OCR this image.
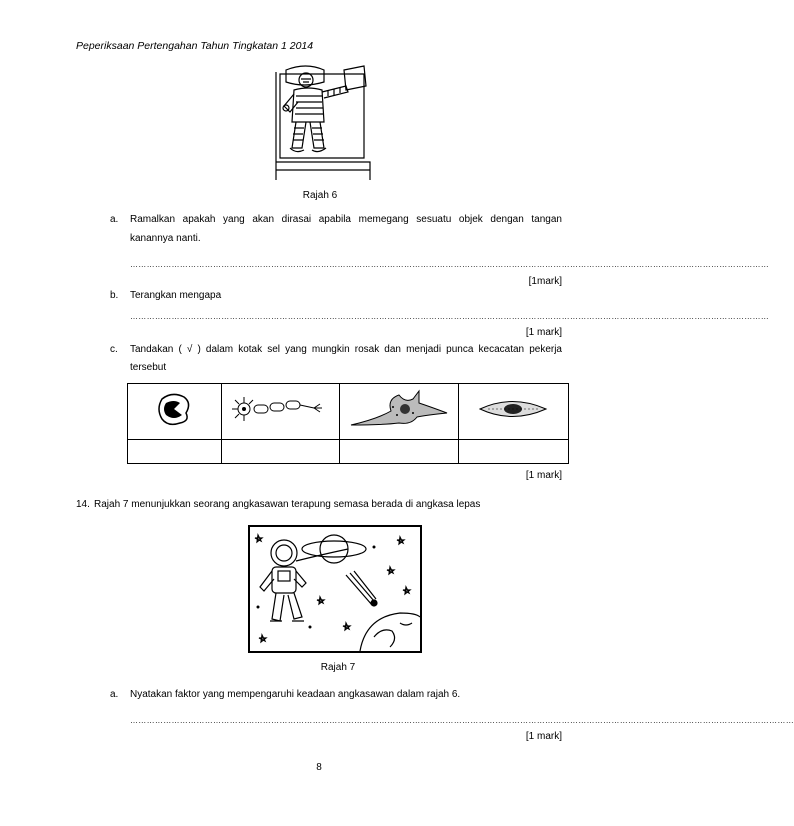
Peperiksaan Pertengahan Tahun Tingkatan 1 2014
Rajah 6
a. Ramalkan apakah yang akan dirasai apabila memegang sesuatu objek dengan tangan
kanannya nanti.
……………………………………………………………………………………………………………………………………………………………………………………………………………
[1mark]
b. Terangkan mengapa
……………………………………………………………………………………………………………………………………………………………………………………………………………
[1 mark]
c. Tandakan ( √ ) dalam kotak sel yang mungkin rosak dan menjadi punca kecacatan pekerja
tersebut

[1 mark]
14. Rajah 7 menunjukkan seorang angkasawan terapung semasa berada di angkasa lepas
Rajah 7
a. Nyatakan faktor yang mempengaruhi keadaan angkasawan dalam rajah 6.
……………………………………………………………………………………………………………………………………………………………………………………………………………………
[1 mark]
8
